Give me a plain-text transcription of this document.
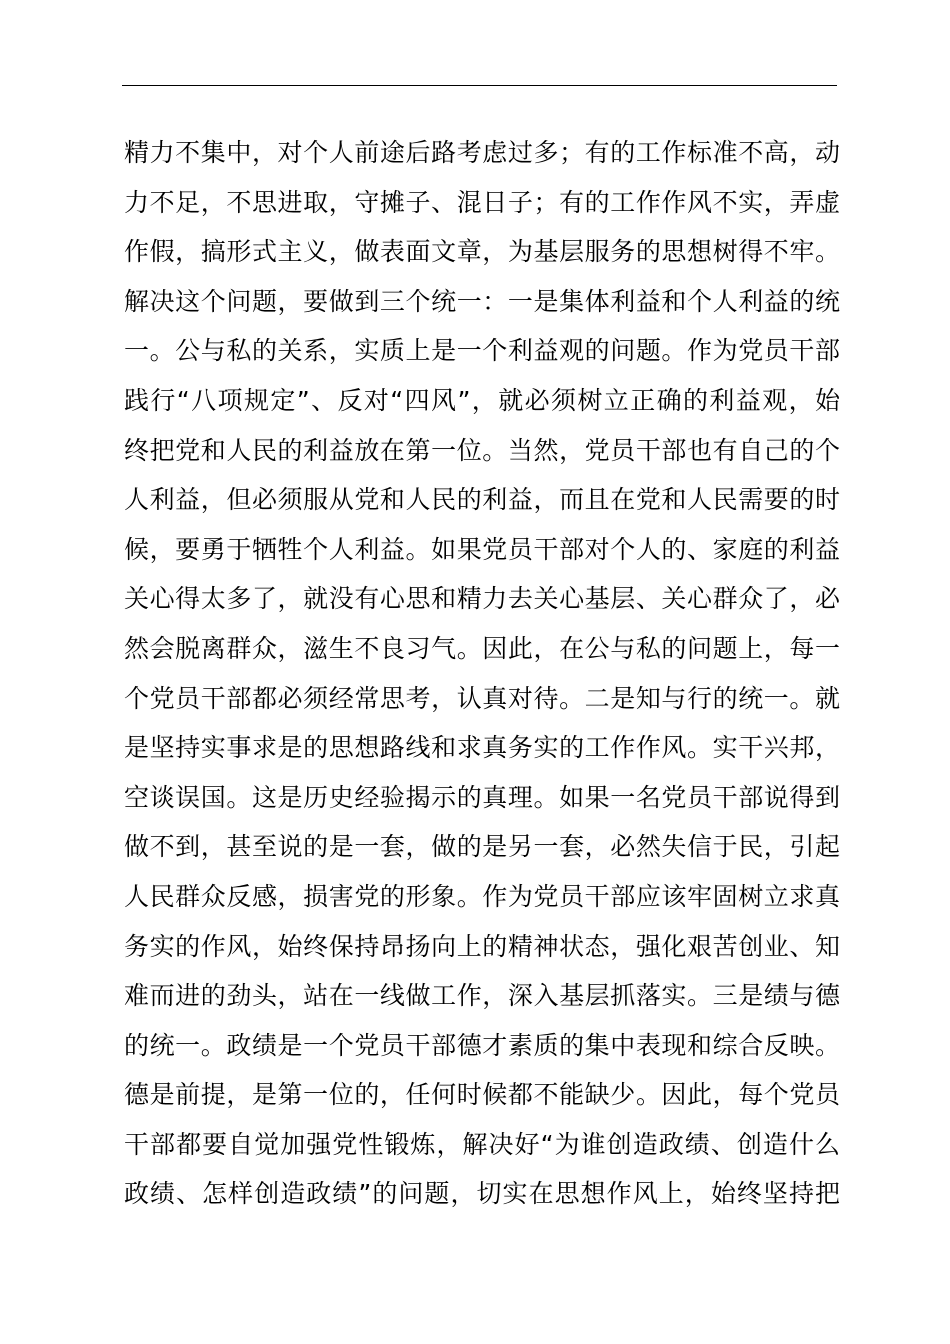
精力不集中，对个人前途后路考虑过多；有的工作标准不高，动
力不足，不思进取，守摊子、混日子；有的工作作风不实，弄虚
作假，搞形式主义，做表面文章，为基层服务的思想树得不牢。
解决这个问题，要做到三个统一：一是集体利益和个人利益的统
一。公与私的关系，实质上是一个利益观的问题。作为党员干部
践行“八项规定”、反对“四风”，就必须树立正确的利益观，始
终把党和人民的利益放在第一位。当然，党员干部也有自己的个
人利益，但必须服从党和人民的利益，而且在党和人民需要的时
候，要勇于牺牲个人利益。如果党员干部对个人的、家庭的利益
关心得太多了，就没有心思和精力去关心基层、关心群众了，必
然会脱离群众，滋生不良习气。因此，在公与私的问题上，每一
个党员干部都必须经常思考，认真对待。二是知与行的统一。就
是坚持实事求是的思想路线和求真务实的工作作风。实干兴邦，
空谈误国。这是历史经验揭示的真理。如果一名党员干部说得到
做不到，甚至说的是一套，做的是另一套，必然失信于民，引起
人民群众反感，损害党的形象。作为党员干部应该牢固树立求真
务实的作风，始终保持昂扬向上的精神状态，强化艰苦创业、知
难而进的劲头，站在一线做工作，深入基层抓落实。三是绩与德
的统一。政绩是一个党员干部德才素质的集中表现和综合反映。
德是前提，是第一位的，任何时候都不能缺少。因此，每个党员
干部都要自觉加强党性锻炼，解决好“为谁创造政绩、创造什么
政绩、怎样创造政绩”的问题，切实在思想作风上，始终坚持把
